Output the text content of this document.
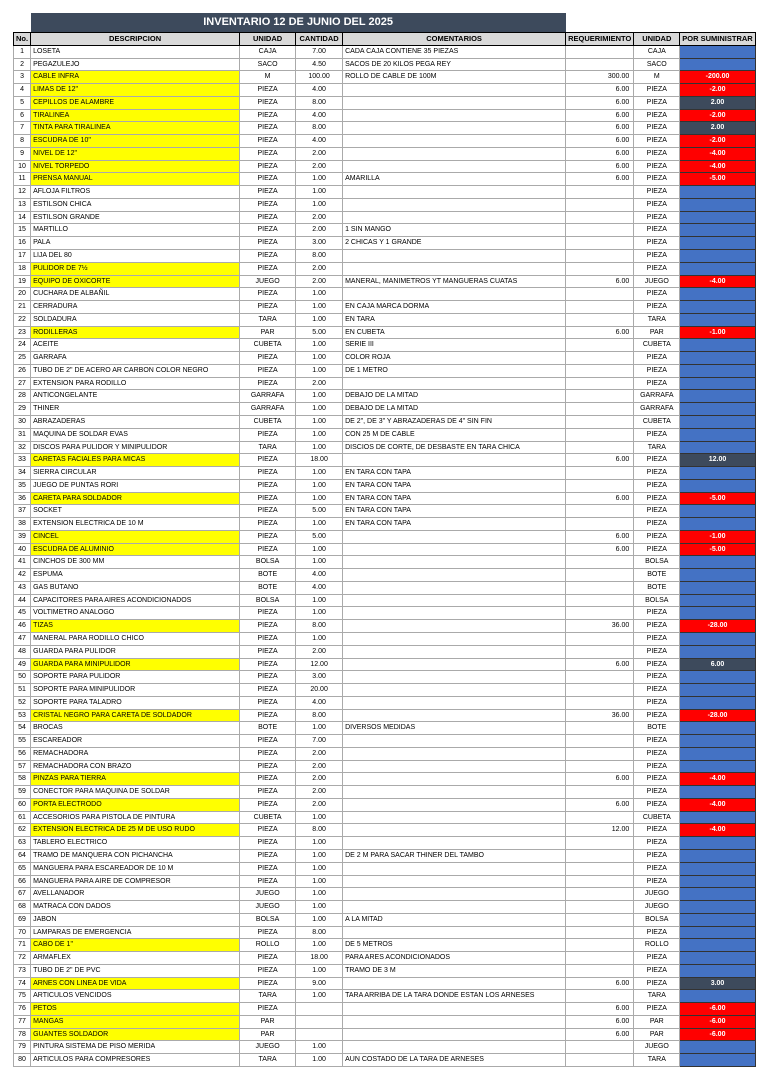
	INVENTARIO 12 DE JUNIO DEL 2025						
No.	DESCRIPCION	UNIDAD	CANTIDAD	COMENTARIOS	REQUERIMIENTO	UNIDAD	POR SUMINISTRAR
1	LOSETA	CAJA	7.00	CADA CAJA CONTIENE 35 PIEZAS		CAJA	
2	PEGAZULEJO	SACO	4.50	SACOS DE 20 KILOS PEGA REY		SACO	
3	CABLE INFRA	M	100.00	ROLLO DE CABLE DE 100M	300.00	M	-200.00
4	LIMAS DE 12"	PIEZA	4.00		6.00	PIEZA	-2.00
5	CEPILLOS DE ALAMBRE	PIEZA	8.00		6.00	PIEZA	2.00
6	TIRALINEA	PIEZA	4.00		6.00	PIEZA	-2.00
7	TINTA PARA TIRALINEA	PIEZA	8.00		6.00	PIEZA	2.00
8	ESCUDRA DE 10"	PIEZA	4.00		6.00	PIEZA	-2.00
9	NIVEL DE 12"	PIEZA	2.00		6.00	PIEZA	-4.00
10	NIVEL TORPEDO	PIEZA	2.00		6.00	PIEZA	-4.00
11	PRENSA MANUAL	PIEZA	1.00	AMARILLA	6.00	PIEZA	-5.00
12	AFLOJA FILTROS	PIEZA	1.00			PIEZA	
13	ESTILSON CHICA	PIEZA	1.00			PIEZA	
14	ESTILSON GRANDE	PIEZA	2.00			PIEZA	
15	MARTILLO	PIEZA	2.00	1 SIN MANGO		PIEZA	
16	PALA	PIEZA	3.00	2 CHICAS Y 1 GRANDE		PIEZA	
17	LIJA DEL 80	PIEZA	8.00			PIEZA	
18	PULIDOR DE 7½	PIEZA	2.00			PIEZA	
19	EQUIPO DE OXICORTE	JUEGO	2.00	MANERAL, MANIMETROS YT MANGUERAS CUATAS	6.00	JUEGO	-4.00
20	CUCHARA DE ALBAÑIL	PIEZA	1.00			PIEZA	
21	CERRADURA	PIEZA	1.00	EN CAJA MARCA DORMA		PIEZA	
22	SOLDADURA	TARA	1.00	EN TARA		TARA	
23	RODILLERAS	PAR	5.00	EN CUBETA	6.00	PAR	-1.00
24	ACEITE	CUBETA	1.00	SERIE III		CUBETA	
25	GARRAFA	PIEZA	1.00	COLOR ROJA		PIEZA	
26	TUBO DE 2" DE ACERO AR CARBON COLOR NEGRO	PIEZA	1.00	DE 1 METRO		PIEZA	
27	EXTENSION PARA RODILLO	PIEZA	2.00			PIEZA	
28	ANTICONGELANTE	GARRAFA	1.00	DEBAJO DE LA MITAD		GARRAFA	
29	THINER	GARRAFA	1.00	DEBAJO DE LA MITAD		GARRAFA	
30	ABRAZADERAS	CUBETA	1.00	DE 2", DE 3" Y ABRAZADERAS DE 4" SIN FIN		CUBETA	
31	MAQUINA DE SOLDAR EVAS	PIEZA	1.00	CON 25 M DE CABLE		PIEZA	
32	DISCOS PARA PULIDOR Y MINIPULIDOR	TARA	1.00	DISCIOS DE CORTE, DE DESBASTE EN TARA CHICA		TARA	
33	CARETAS FACIALES PARA MICAS	PIEZA	18.00		6.00	PIEZA	12.00
34	SIERRA CIRCULAR	PIEZA	1.00	EN TARA CON TAPA		PIEZA	
35	JUEGO DE PUNTAS RORI	PIEZA	1.00	EN TARA CON TAPA		PIEZA	
36	CARETA PARA SOLDADOR	PIEZA	1.00	EN TARA CON TAPA	6.00	PIEZA	-5.00
37	SOCKET	PIEZA	5.00	EN TARA CON TAPA		PIEZA	
38	EXTENSION ELECTRICA DE 10 M	PIEZA	1.00	EN TARA CON TAPA		PIEZA	
39	CINCEL	PIEZA	5.00		6.00	PIEZA	-1.00
40	ESCUDRA DE ALUMINIO	PIEZA	1.00		6.00	PIEZA	-5.00
41	CINCHOS DE 300 MM	BOLSA	1.00			BOLSA	
42	ESPUMA	BOTE	4.00			BOTE	
43	GAS BUTANO	BOTE	4.00			BOTE	
44	CAPACITORES PARA AIRES ACONDICIONADOS	BOLSA	1.00			BOLSA	
45	VOLTIMETRO ANALOGO	PIEZA	1.00			PIEZA	
46	TIZAS	PIEZA	8.00		36.00	PIEZA	-28.00
47	MANERAL PARA RODILLO CHICO	PIEZA	1.00			PIEZA	
48	GUARDA PARA PULIDOR	PIEZA	2.00			PIEZA	
49	GUARDA PARA MINIPULIDOR	PIEZA	12.00		6.00	PIEZA	6.00
50	SOPORTE PARA PULIDOR	PIEZA	3.00			PIEZA	
51	SOPORTE PARA MINIPULIDOR	PIEZA	20.00			PIEZA	
52	SOPORTE PARA TALADRO	PIEZA	4.00			PIEZA	
53	CRISTAL NEGRO PARA CARETA DE SOLDADOR	PIEZA	8.00		36.00	PIEZA	-28.00
54	BROCAS	BOTE	1.00	DIVERSOS MEDIDAS		BOTE	
55	ESCAREADOR	PIEZA	7.00			PIEZA	
56	REMACHADORA	PIEZA	2.00			PIEZA	
57	REMACHADORA CON BRAZO	PIEZA	2.00			PIEZA	
58	PINZAS PARA TIERRA	PIEZA	2.00		6.00	PIEZA	-4.00
59	CONECTOR PARA MAQUINA DE SOLDAR	PIEZA	2.00			PIEZA	
60	PORTA ELECTRODO	PIEZA	2.00		6.00	PIEZA	-4.00
61	ACCESORIOS PARA PISTOLA DE PINTURA	CUBETA	1.00			CUBETA	
62	EXTENSION ELECTRICA DE 25 M DE USO RUDO	PIEZA	8.00		12.00	PIEZA	-4.00
63	TABLERO ELECTRICO	PIEZA	1.00			PIEZA	
64	TRAMO DE MANQUERA CON PICHANCHA	PIEZA	1.00	DE 2 M PARA SACAR THINER DEL TAMBO		PIEZA	
65	MANGUERA PARA ESCAREADOR DE 10 M	PIEZA	1.00			PIEZA	
66	MANGUERA PARA AIRE DE COMPRESOR	PIEZA	1.00			PIEZA	
67	AVELLANADOR	JUEGO	1.00			JUEGO	
68	MATRACA CON DADOS	JUEGO	1.00			JUEGO	
69	JABON	BOLSA	1.00	A LA MITAD		BOLSA	
70	LAMPARAS DE EMERGENCIA	PIEZA	8.00			PIEZA	
71	CABO DE 1"	ROLLO	1.00	DE 5 METROS		ROLLO	
72	ARMAFLEX	PIEZA	18.00	PARA ARES ACONDICIONADOS		PIEZA	
73	TUBO DE 2" DE PVC	PIEZA	1.00	TRAMO DE 3 M		PIEZA	
74	ARNES CON LINEA DE VIDA	PIEZA	9.00		6.00	PIEZA	3.00
75	ARTICULOS VENCIDOS	TARA	1.00	TARA ARRIBA DE LA TARA DONDE ESTAN LOS ARNESES		TARA	
76	PETOS	PIEZA			6.00	PIEZA	-6.00
77	MANGAS	PAR			6.00	PAR	-6.00
78	GUANTES SOLDADOR	PAR			6.00	PAR	-6.00
79	PINTURA SISTEMA DE PISO MERIDA	JUEGO	1.00			JUEGO	
80	ARTICULOS PARA COMPRESORES	TARA	1.00	AUN COSTADO DE LA TARA DE ARNESES		TARA	
